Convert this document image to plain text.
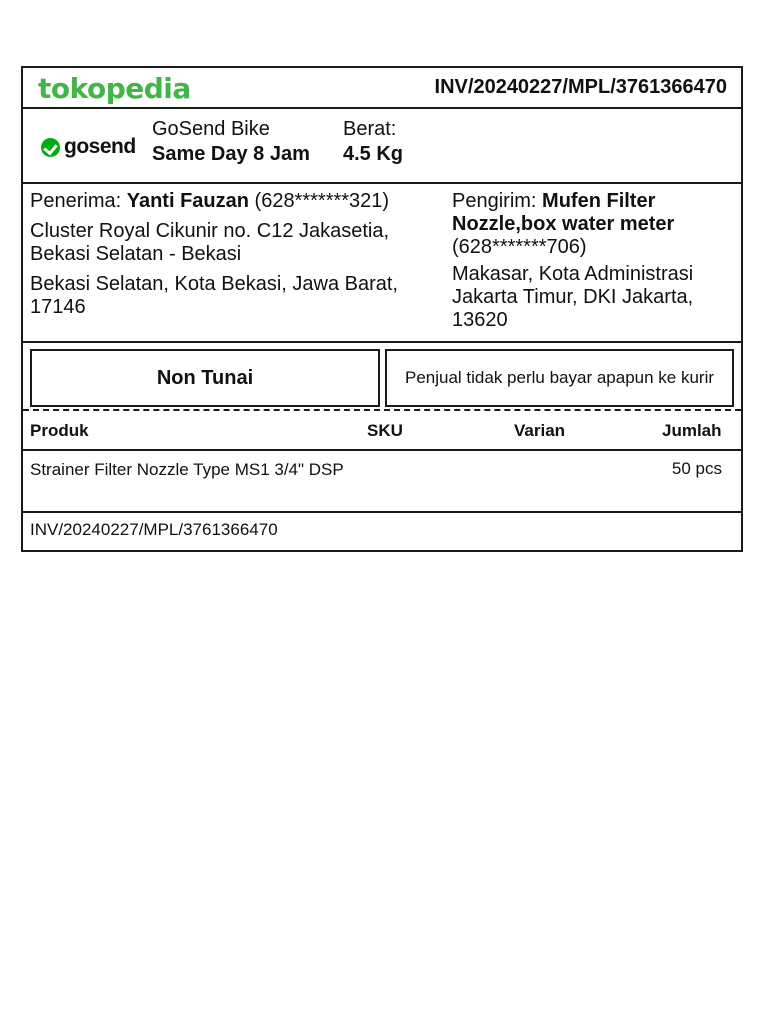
tokopedia	INV/20240227/MPL/3761366470
gosend
GoSend Bike
Same Day 8 Jam
Berat:
4.5 Kg

Penerima: Yanti Fauzan (628*******321)

Cluster Royal Cikunir no. C12 Jakasetia, Bekasi Selatan - Bekasi

Bekasi Selatan, Kota Bekasi, Jawa Barat, 17146

Pengirim: Mufen Filter Nozzle,box water meter
(628*******706)

Makasar, Kota Administrasi Jakarta Timur, DKI Jakarta, 13620

Non Tunai	Penjual tidak perlu bayar apapun ke kurir
Produk	SKU	Varian	Jumlah
Strainer Filter Nozzle Type MS1 3/4" DSP	50 pcs
INV/20240227/MPL/3761366470
